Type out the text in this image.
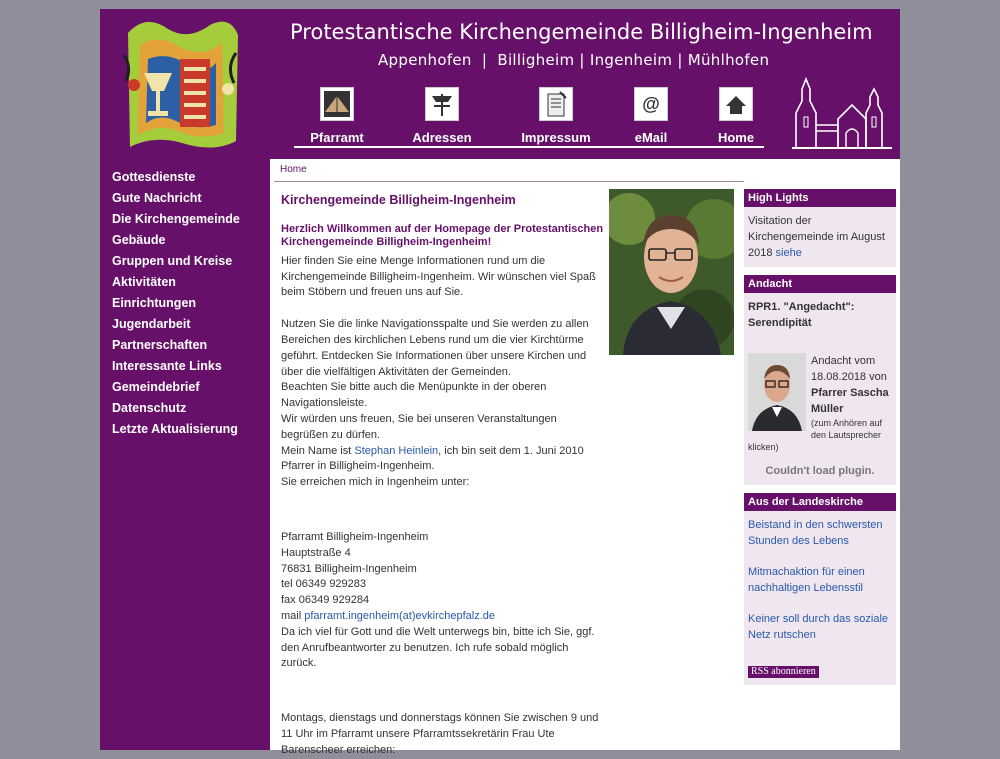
Protestantische Kirchengemeinde Billigheim-Ingenheim
Appenhofen  |  Billigheim | Ingenheim | Mühlhofen
Pfarramt	Adressen	Impressum
@
eMail	Home
Gottesdienste
Gute Nachricht
Die Kirchengemeinde
Gebäude
Gruppen und Kreise
Aktivitäten
Einrichtungen
Jugendarbeit
Partnerschaften
Interessante Links
Gemeindebrief
Datenschutz
Letzte Aktualisierung
Home
Kirchengemeinde Billigheim-Ingenheim
Herzlich Willkommen auf der Homepage der Protestantischen Kirchengemeinde Billigheim-Ingenheim!

Hier finden Sie eine Menge Informationen rund um die Kirchengemeinde Billigheim-Ingenheim. Wir wünschen viel Spaß beim Stöbern und freuen uns auf Sie.

Nutzen Sie die linke Navigationsspalte und Sie werden zu allen Bereichen des kirchlichen Lebens rund um die vier Kirchtürme geführt. Entdecken Sie Informationen über unsere Kirchen und über die vielfältigen Aktivitäten der Gemeinden.
Beachten Sie bitte auch die Menüpunkte in der oberen Navigationsleiste.
Wir würden uns freuen, Sie bei unseren Veranstaltungen begrüßen zu dürfen.
Mein Name ist Stephan Heinlein, ich bin seit dem 1. Juni 2010 Pfarrer in Billigheim-Ingenheim.
Sie erreichen mich in Ingenheim unter:
Pfarramt Billigheim-Ingenheim
Hauptstraße 4
76831 Billigheim-Ingenheim
tel 06349 929283
fax 06349 929284
mail pfarramt.ingenheim(at)evkirchepfalz.de
Da ich viel für Gott und die Welt unterwegs bin, bitte ich Sie, ggf. den Anrufbeantworter zu benutzen. Ich rufe sobald möglich zurück.
Montags, dienstags und donnerstags können Sie zwischen 9 und 11 Uhr im Pfarramt unsere Pfarramtssekretärin Frau Ute Barenscheer erreichen:
High Lights
Visitation der Kirchengemeinde im August 2018 siehe
Andacht
RPR1. "Angedacht": Serendipität
Andacht vom 18.08.2018 von Pfarrer Sascha Müller
(zum Anhören auf den Lautsprecher klicken)
Couldn't load plugin.
Aus der Landeskirche
Beistand in den schwersten Stunden des Lebens
Mitmachaktion für einen nachhaltigen Lebensstil
Keiner soll durch das soziale Netz rutschen
RSS abonnieren
